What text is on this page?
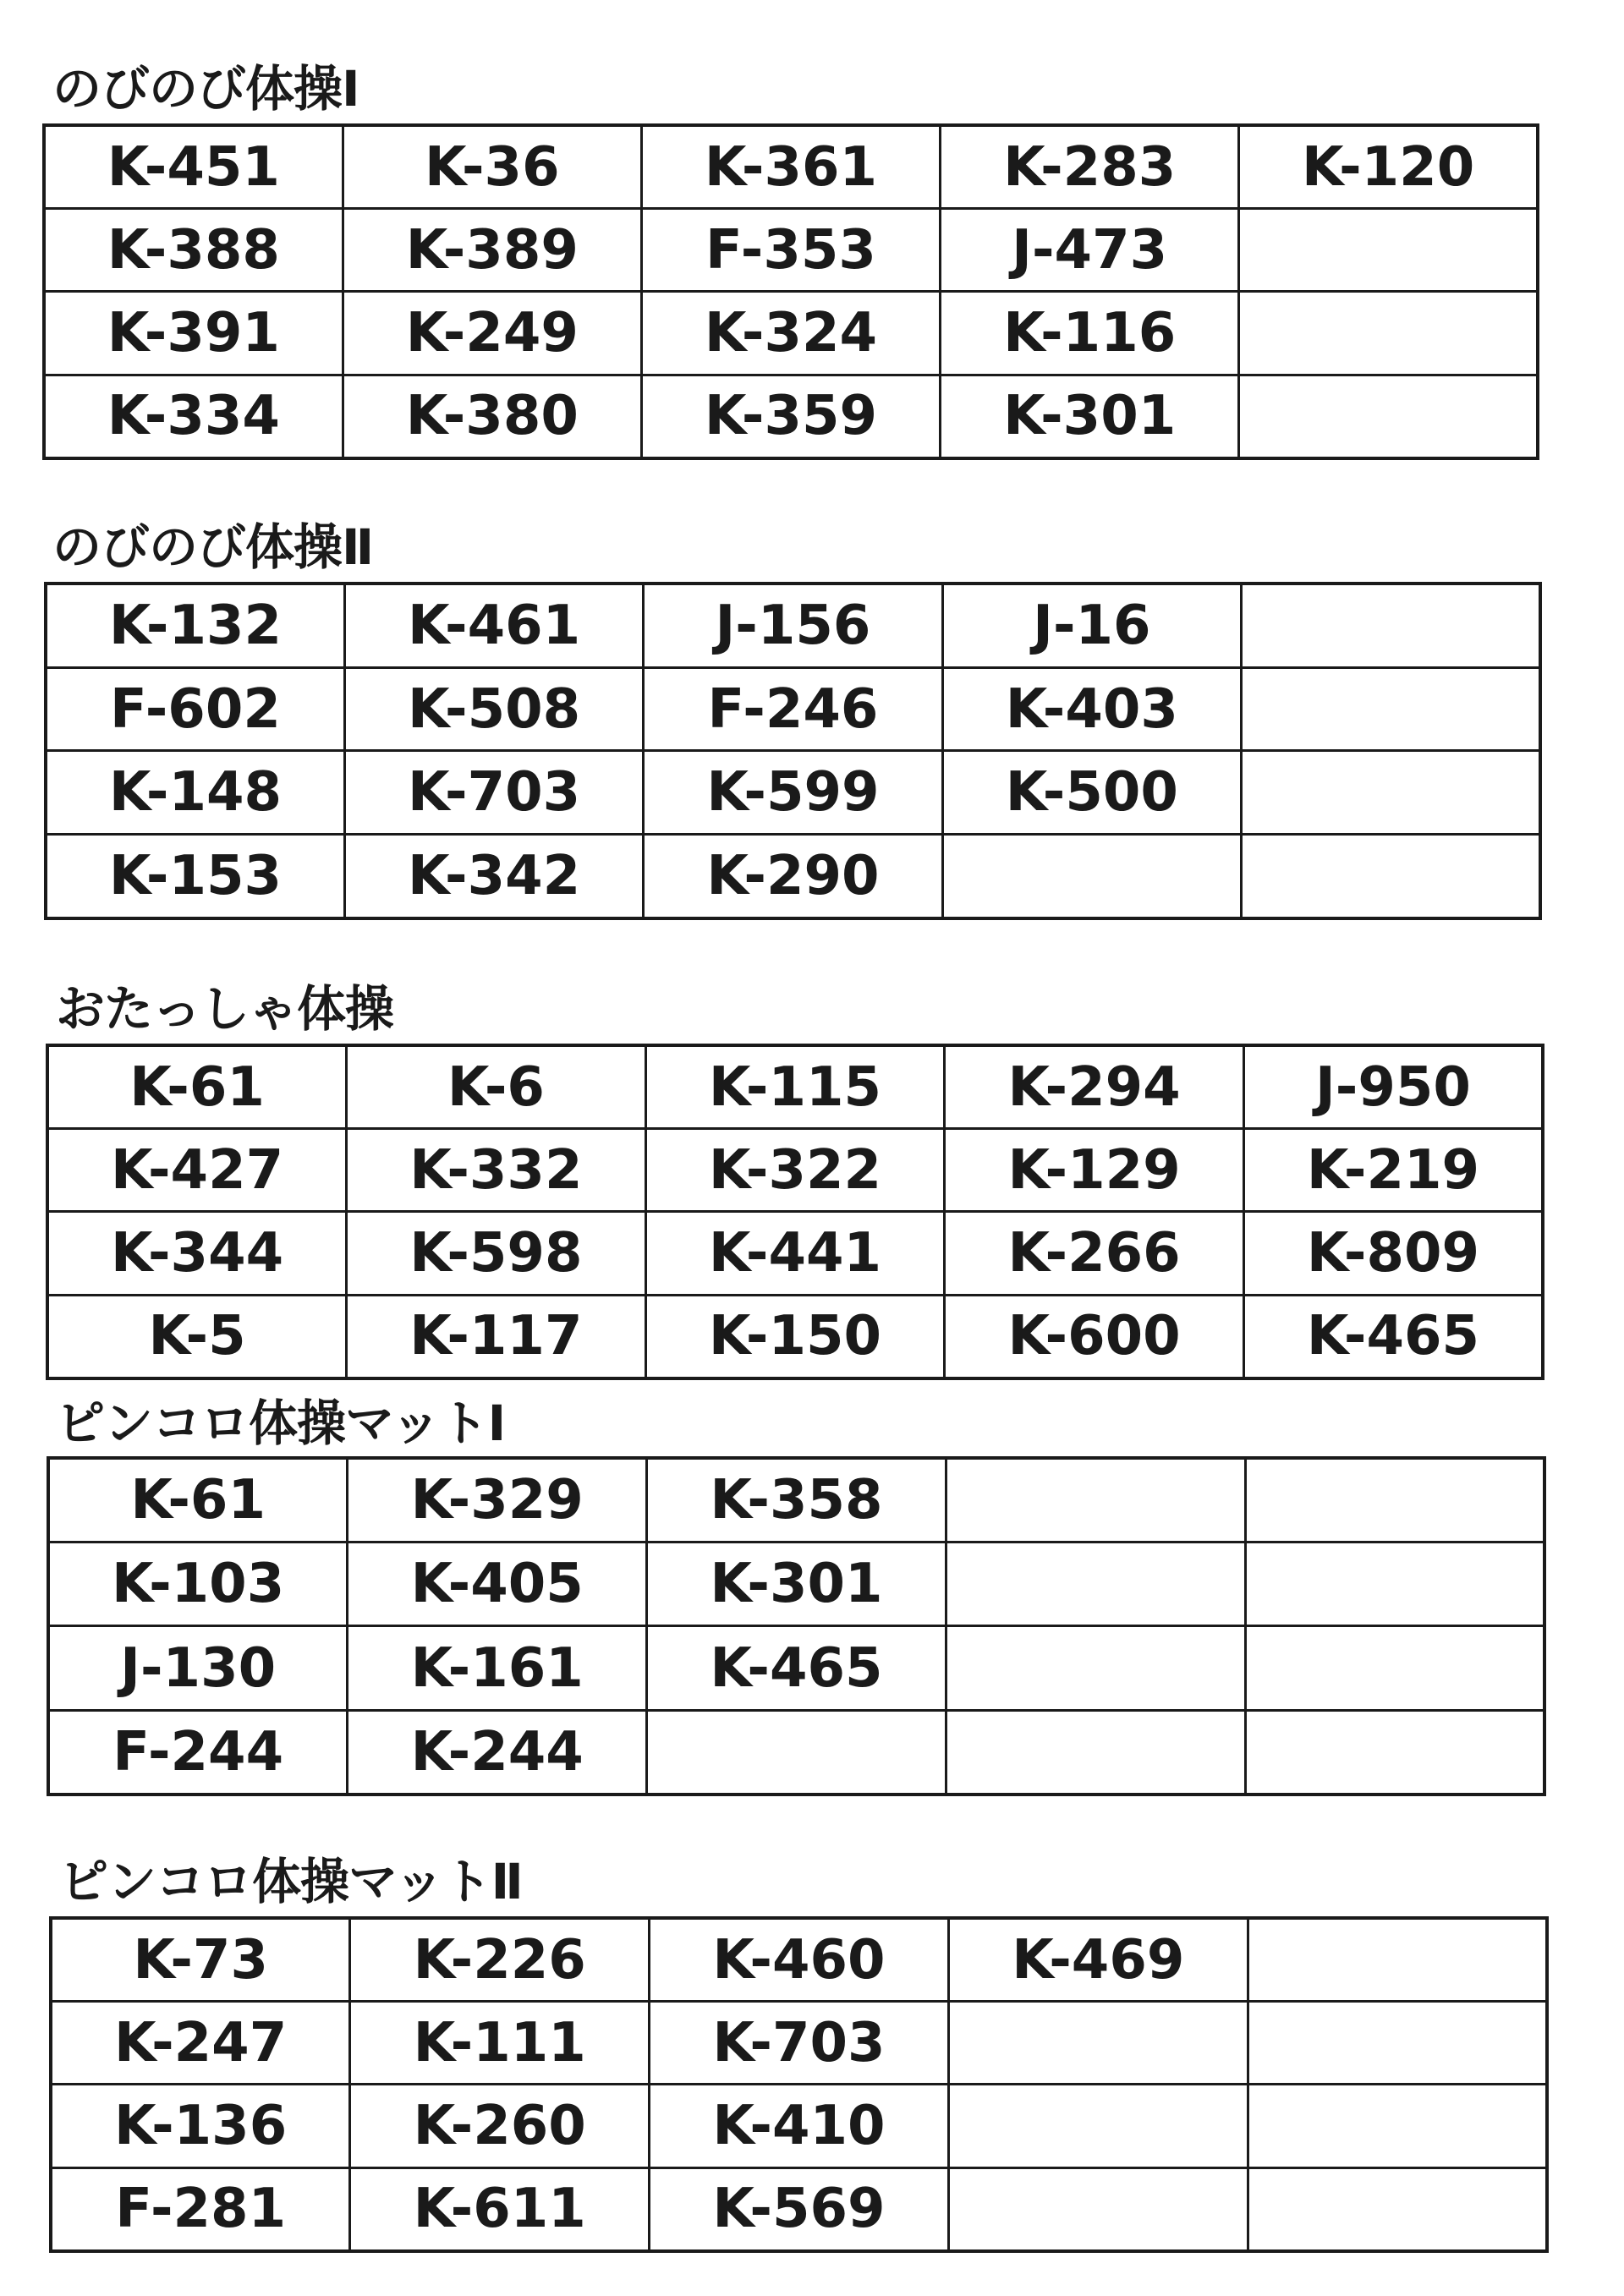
のびのび体操Ⅰ
K-451	K-36	K-361	K-283	K-120
K-388	K-389	F-353	J-473	
K-391	K-249	K-324	K-116	
K-334	K-380	K-359	K-301	
のびのび体操Ⅱ
K-132	K-461	J-156	J-16	
F-602	K-508	F-246	K-403	
K-148	K-703	K-599	K-500	
K-153	K-342	K-290		
おたっしゃ体操
K-61	K-6	K-115	K-294	J-950
K-427	K-332	K-322	K-129	K-219
K-344	K-598	K-441	K-266	K-809
K-5	K-117	K-150	K-600	K-465
ピンコロ体操マットⅠ
K-61	K-329	K-358		
K-103	K-405	K-301		
J-130	K-161	K-465		
F-244	K-244			
ピンコロ体操マットⅡ
K-73	K-226	K-460	K-469	
K-247	K-111	K-703		
K-136	K-260	K-410		
F-281	K-611	K-569		
